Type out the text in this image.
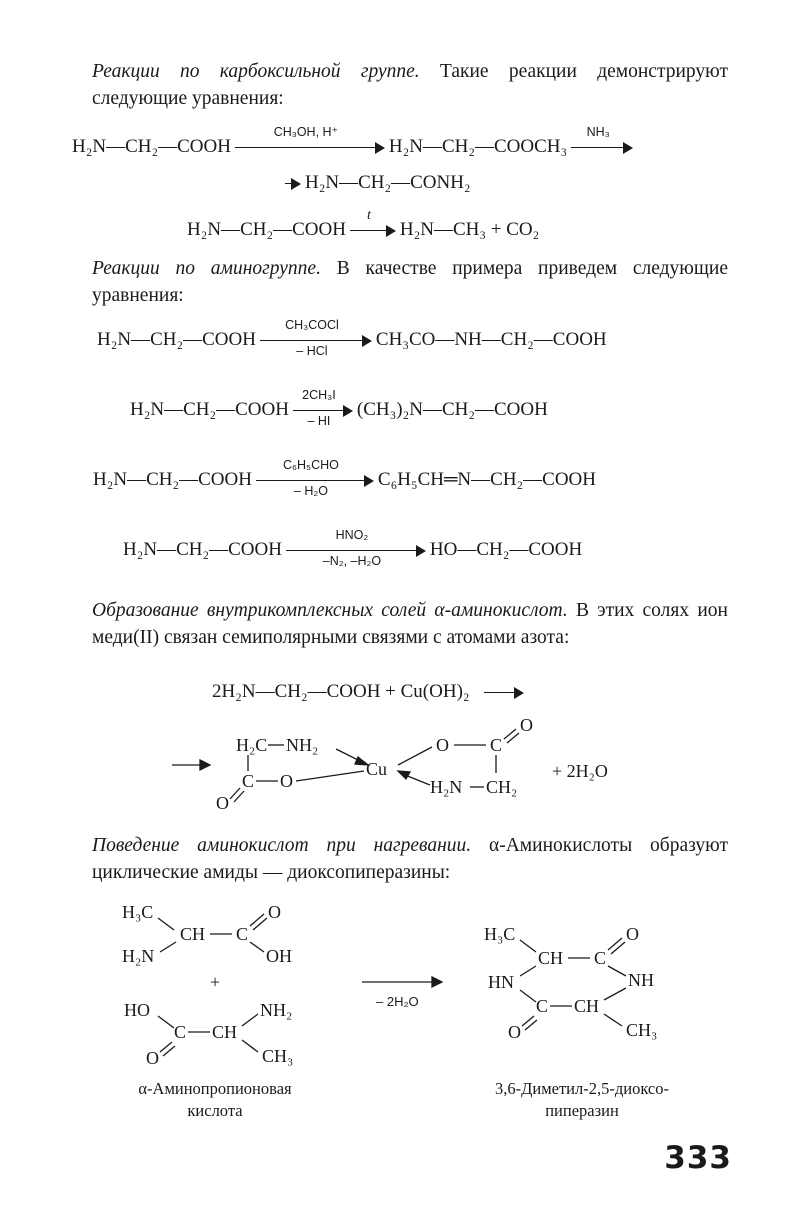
Реакции по карбоксильной группе. Такие реакции демонстрируют следующие уравнения:
H₂N—CH₂—COOH
CH₃OH, H⁺
H₂N—CH₂—COOCH₃
NH₃
H₂N—CH₂—CONH₂
H₂N—CH₂—COOH
t
H₂N—CH₃ + CO₂
Реакции по аминогруппе. В качестве примера приведем следующие уравнения:
H₂N—CH₂—COOH
CH₃COCl
– HCl
CH₃CO—NH—CH₂—COOH
H₂N—CH₂—COOH $\frac{\text{2CH₃I}}{- HI}$ (CH₃)₂N—CH₂—COOH
H₂N—CH₂—COOH
C₆H₅CHO
– H₂O
C₆H₅CH═N—CH₂—COOH
H₂N—CH₂—COOH
HNO₂
–N₂, –H₂O
HO—CH₂—COOH
Образование внутрикомплексных солей α-аминокислот. В этих солях ион меди(II) связан семиполярными связями с атомами азота:
2H₂N—CH₂—COOH + Cu(OH)₂
H₂C NH₂
C O
O
Cu
O C
O
H₂N CH₂
+ 2H₂O
Поведение аминокислот при нагревании. α-Аминокислоты образуют циклические амиды — диоксопиперазины:
H₃C
CH C
O
OH
H₂N
+
HO
C CH
NH₂
CH₃
O
– 2H₂O
H₃C
CH C
O
NH
HN
C CH
CH₃
O
α-Аминопропионовая
кислота
3,6-Диметил-2,5-диоксо-
пиперазин
333
